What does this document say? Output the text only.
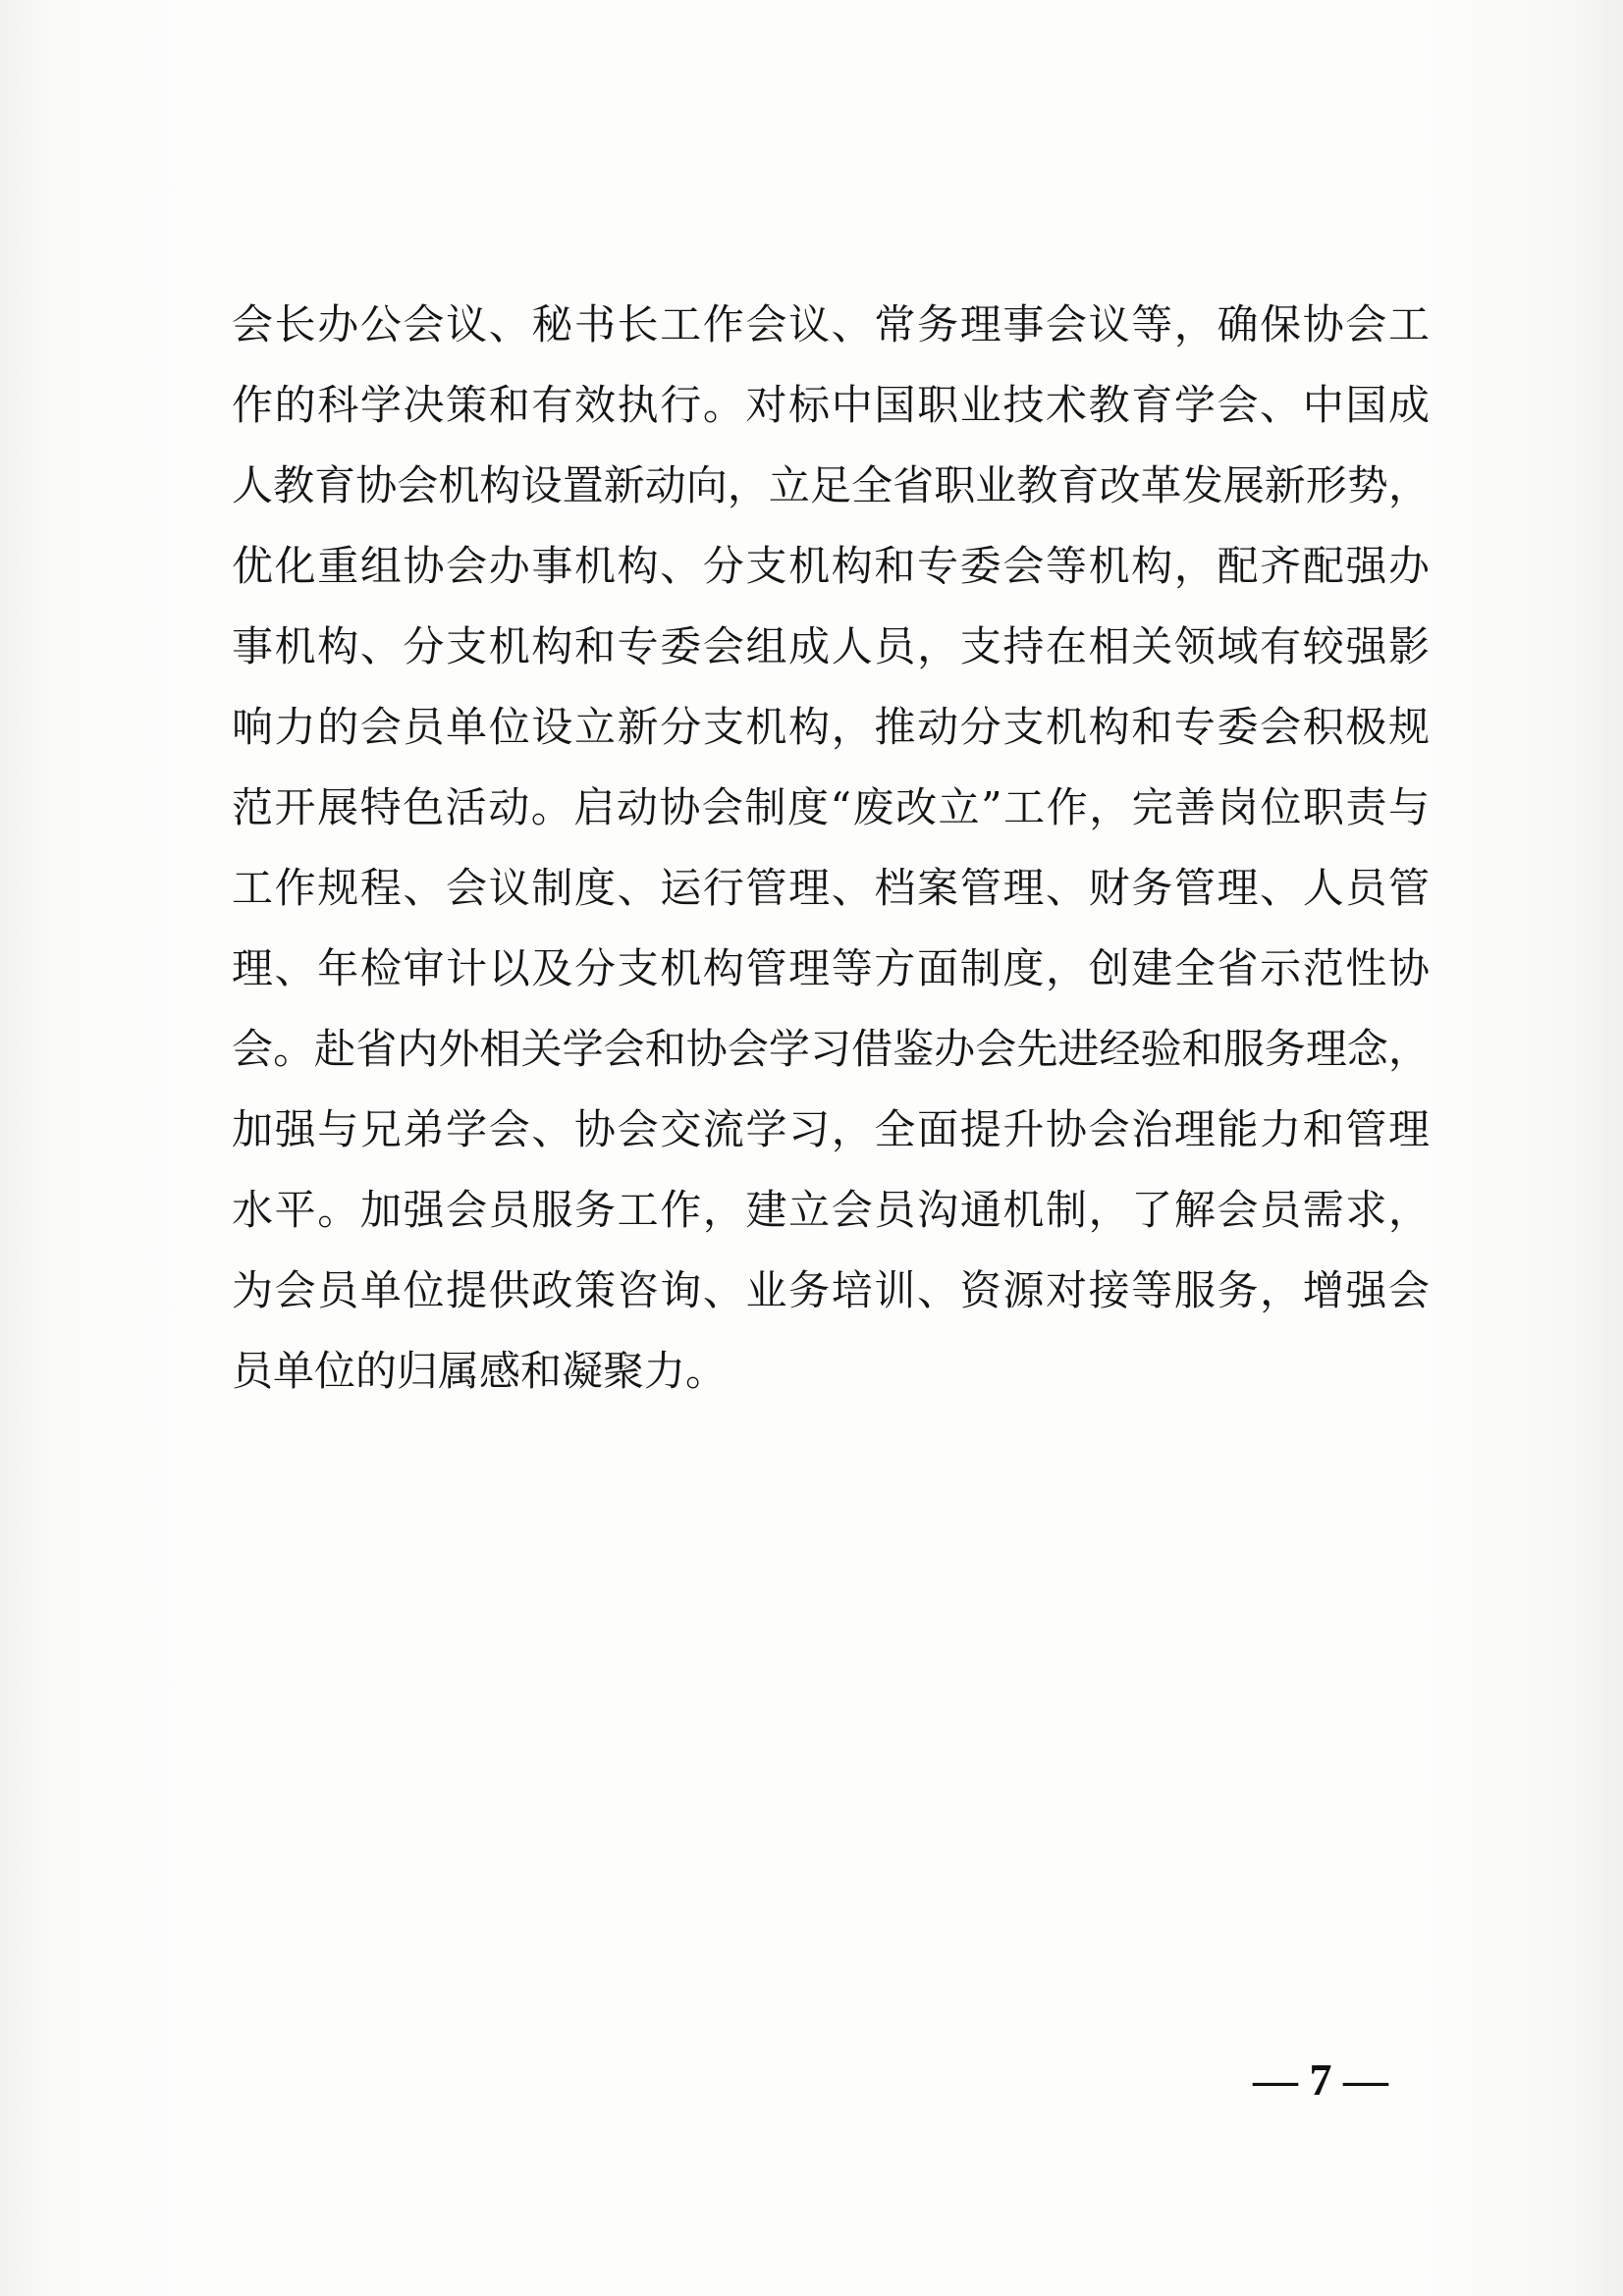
会长办公会议、秘书长工作会议、常务理事会议等，确保协会工
作的科学决策和有效执行。对标中国职业技术教育学会、中国成
人教育协会机构设置新动向，立足全省职业教育改革发展新形势，
优化重组协会办事机构、分支机构和专委会等机构，配齐配强办
事机构、分支机构和专委会组成人员，支持在相关领域有较强影
响力的会员单位设立新分支机构，推动分支机构和专委会积极规
范开展特色活动。启动协会制度“废改立”工作，完善岗位职责与
工作规程、会议制度、运行管理、档案管理、财务管理、人员管
理、年检审计以及分支机构管理等方面制度，创建全省示范性协
会。赴省内外相关学会和协会学习借鉴办会先进经验和服务理念，
加强与兄弟学会、协会交流学习，全面提升协会治理能力和管理
水平。加强会员服务工作，建立会员沟通机制，了解会员需求，
为会员单位提供政策咨询、业务培训、资源对接等服务，增强会
员单位的归属感和凝聚力。
— 7 —
